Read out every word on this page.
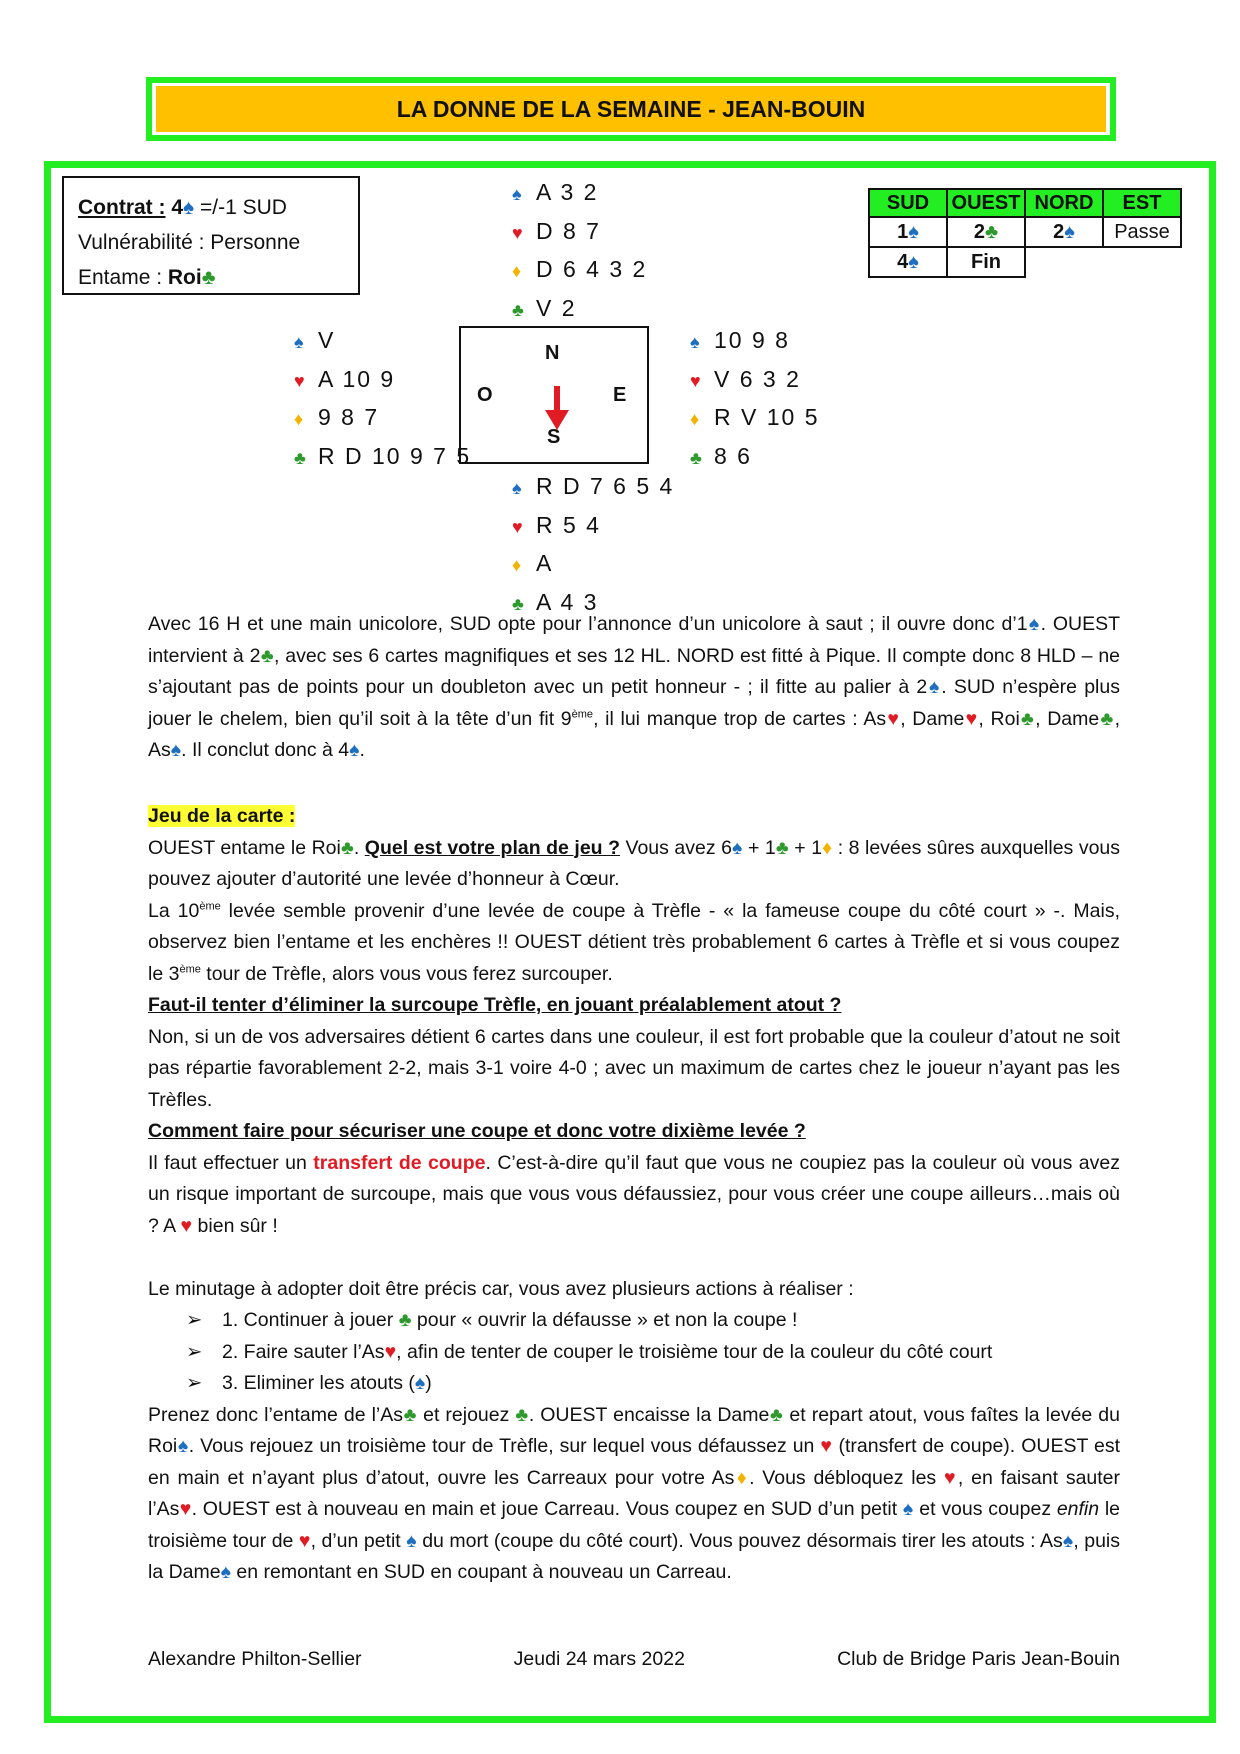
LA DONNE DE LA SEMAINE - JEAN-BOUIN
Contrat : 4♠ =/-1 SUD
Vulnérabilité : Personne
Entame : Roi♣
♠ A 3 2
♥ D 8 7
♦ D 6 4 3 2
♣ V 2
♠ V
♥ A 10 9
♦ 9 8 7
♣ R D 10 9 7 5
N
O	E
S
♠ 10 9 8
♥ V 6 3 2
♦ R V 10 5
♣ 8 6
♠ R D 7 6 5 4
♥ R 5 4
♦ A
♣ A 4 3
SUD	OUEST	NORD	EST
1♠	2♣	2♠	Passe
4♠	Fin		
Avec 16 H et une main unicolore, SUD opte pour l’annonce d’un unicolore à saut ; il ouvre donc d’1♠. OUEST intervient à 2♣, avec ses 6 cartes magnifiques et ses 12 HL. NORD est fitté à Pique. Il compte donc 8 HLD – ne s’ajoutant pas de points pour un doubleton avec un petit honneur - ; il fitte au palier à 2♠. SUD n’espère plus jouer le chelem, bien qu’il soit à la tête d’un fit 9ème, il lui manque trop de cartes : As♥, Dame♥, Roi♣, Dame♣, As♠. Il conclut donc à 4♠.
Jeu de la carte :
OUEST entame le Roi♣. Quel est votre plan de jeu ? Vous avez 6♠ + 1♣ + 1♦ : 8 levées sûres auxquelles vous pouvez ajouter d’autorité une levée d’honneur à Cœur.
La 10ème levée semble provenir d’une levée de coupe à Trèfle - « la fameuse coupe du côté court » -. Mais, observez bien l’entame et les enchères !! OUEST détient très probablement 6 cartes à Trèfle et si vous coupez le 3ème tour de Trèfle, alors vous vous ferez surcouper.
Faut-il tenter d’éliminer la surcoupe Trèfle, en jouant préalablement atout ?
Non, si un de vos adversaires détient 6 cartes dans une couleur, il est fort probable que la couleur d’atout ne soit pas répartie favorablement 2-2, mais 3-1 voire 4-0 ; avec un maximum de cartes chez le joueur n’ayant pas les Trèfles.
Comment faire pour sécuriser une coupe et donc votre dixième levée ?
Il faut effectuer un transfert de coupe. C’est-à-dire qu’il faut que vous ne coupiez pas la couleur où vous avez un risque important de surcoupe, mais que vous vous défaussiez, pour vous créer une coupe ailleurs…mais où ? A ♥ bien sûr !
Le minutage à adopter doit être précis car, vous avez plusieurs actions à réaliser :
➢ 1. Continuer à jouer ♣ pour « ouvrir la défausse » et non la coupe !
➢ 2. Faire sauter l’As♥, afin de tenter de couper le troisième tour de la couleur du côté court
➢ 3. Eliminer les atouts (♠)
Prenez donc l’entame de l’As♣ et rejouez ♣. OUEST encaisse la Dame♣ et repart atout, vous faîtes la levée du Roi♠. Vous rejouez un troisième tour de Trèfle, sur lequel vous défaussez un ♥ (transfert de coupe). OUEST est en main et n’ayant plus d’atout, ouvre les Carreaux pour votre As♦. Vous débloquez les ♥, en faisant sauter l’As♥. OUEST est à nouveau en main et joue Carreau. Vous coupez en SUD d’un petit ♠ et vous coupez enfin le troisième tour de ♥, d’un petit ♠ du mort (coupe du côté court). Vous pouvez désormais tirer les atouts : As♠, puis la Dame♠ en remontant en SUD en coupant à nouveau un Carreau.
Alexandre Philton-Sellier	Jeudi 24 mars 2022	Club de Bridge Paris Jean-Bouin
